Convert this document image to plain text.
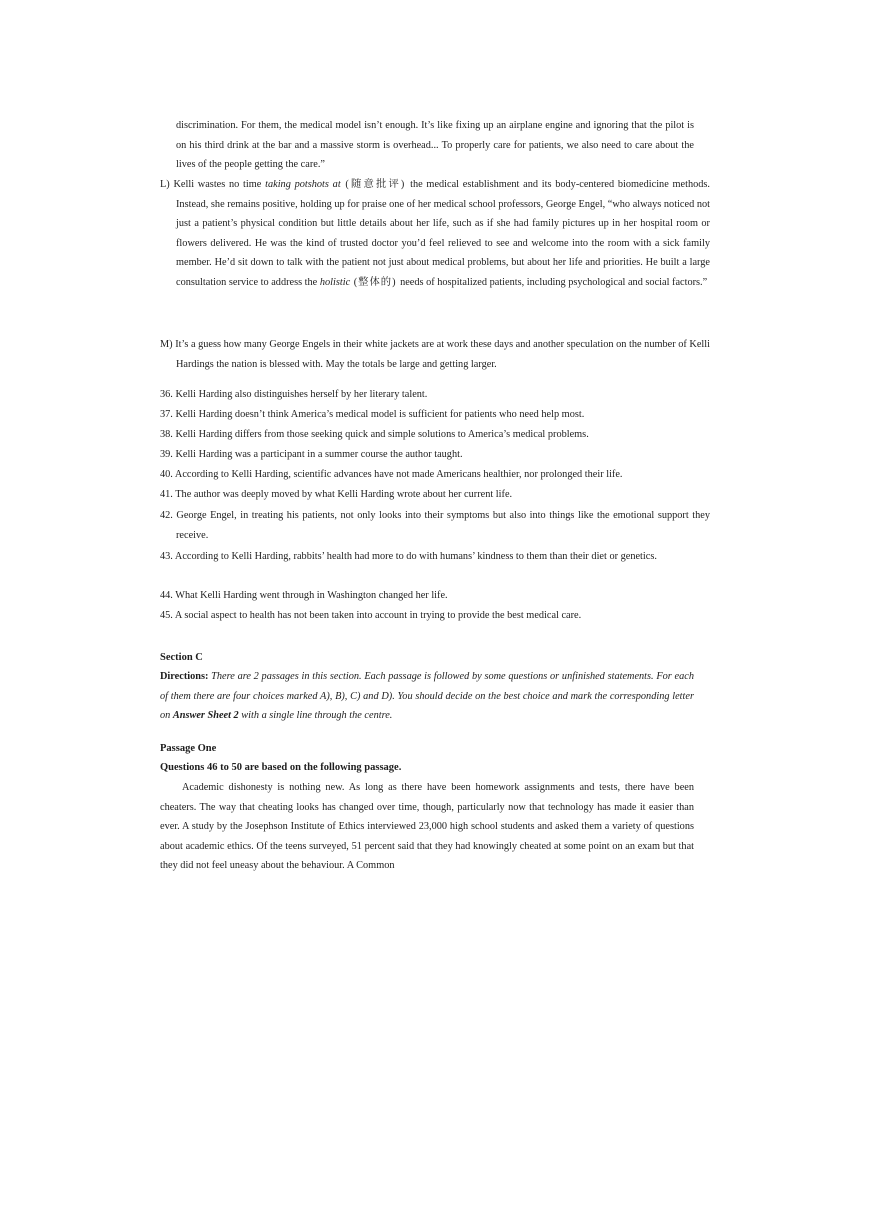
discrimination. For them, the medical model isn’t enough. It’s like fixing up an airplane engine and ignoring that the pilot is on his third drink at the bar and a massive storm is overhead... To properly care for patients, we also need to care about the lives of the people getting the care.”

L) Kelli wastes no time taking potshots at (随意批评) the medical establishment and its body-centered biomedicine methods. Instead, she remains positive, holding up for praise one of her medical school professors, George Engel, “who always noticed not just a patient’s physical condition but little details about her life, such as if she had family pictures up in her hospital room or flowers delivered. He was the kind of trusted doctor you’d feel relieved to see and welcome into the room with a sick family member. He’d sit down to talk with the patient not just about medical problems, but about her life and priorities. He built a large consultation service to address the holistic (整体的) needs of hospitalized patients, including psychological and social factors.”

M) It’s a guess how many George Engels in their white jackets are at work these days and another speculation on the number of Kelli Hardings the nation is blessed with. May the totals be large and getting larger.

36. Kelli Harding also distinguishes herself by her literary talent.

37. Kelli Harding doesn’t think America’s medical model is sufficient for patients who need help most.

38. Kelli Harding differs from those seeking quick and simple solutions to America’s medical problems.

39. Kelli Harding was a participant in a summer course the author taught.

40. According to Kelli Harding, scientific advances have not made Americans healthier, nor prolonged their life.

41. The author was deeply moved by what Kelli Harding wrote about her current life.

42. George Engel, in treating his patients, not only looks into their symptoms but also into things like the emotional support they receive.

43. According to Kelli Harding, rabbits’ health had more to do with humans’ kindness to them than their diet or genetics.

44. What Kelli Harding went through in Washington changed her life.

45. A social aspect to health has not been taken into account in trying to provide the best medical care.

Section C

Directions: There are 2 passages in this section. Each passage is followed by some questions or unfinished statements. For each of them there are four choices marked A), B), C) and D). You should decide on the best choice and mark the corresponding letter on Answer Sheet 2 with a single line through the centre.

Passage One

Questions 46 to 50 are based on the following passage.

Academic dishonesty is nothing new. As long as there have been homework assignments and tests, there have been cheaters. The way that cheating looks has changed over time, though, particularly now that technology has made it easier than ever. A study by the Josephson Institute of Ethics interviewed 23,000 high school students and asked them a variety of questions about academic ethics. Of the teens surveyed, 51 percent said that they had knowingly cheated at some point on an exam but that they did not feel uneasy about the behaviour. A Common
